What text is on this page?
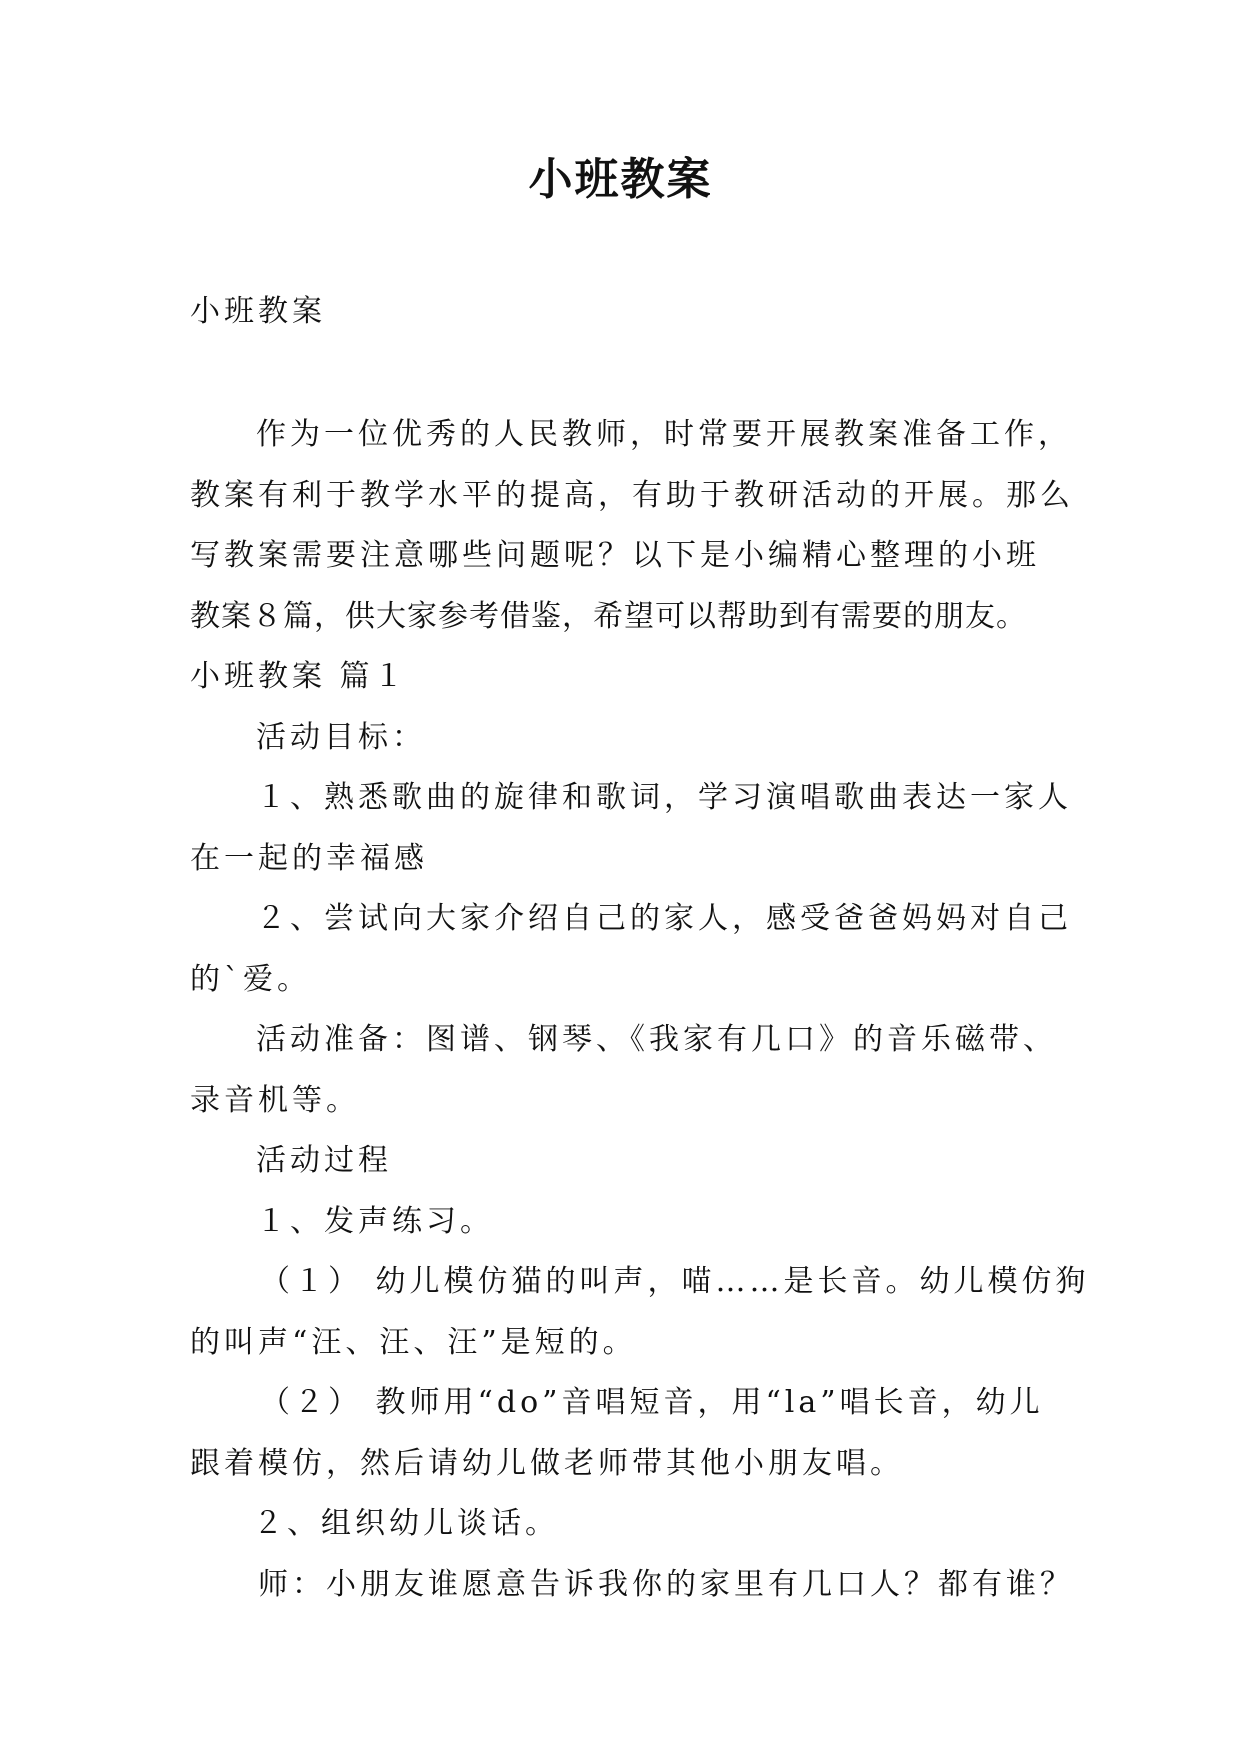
小班教案

小班教案

作为一位优秀的人民教师，时常要开展教案准备工作，

教案有利于教学水平的提高，有助于教研活动的开展。那么

写教案需要注意哪些问题呢？以下是小编精心整理的小班

教案８篇，供大家参考借鉴，希望可以帮助到有需要的朋友。

小班教案 篇１

活动目标：

１、熟悉歌曲的旋律和歌词，学习演唱歌曲表达一家人

在一起的幸福感

２、尝试向大家介绍自己的家人，感受爸爸妈妈对自己

的`爱。

活动准备：图谱、钢琴、《我家有几口》的音乐磁带、

录音机等。

活动过程

１、发声练习。

（１） 幼儿模仿猫的叫声，喵……是长音。幼儿模仿狗

的叫声“汪、汪、汪”是短的。

（２） 教师用“do”音唱短音，用“la”唱长音，幼儿

跟着模仿，然后请幼儿做老师带其他小朋友唱。

２、组织幼儿谈话。

师：小朋友谁愿意告诉我你的家里有几口人？都有谁？
